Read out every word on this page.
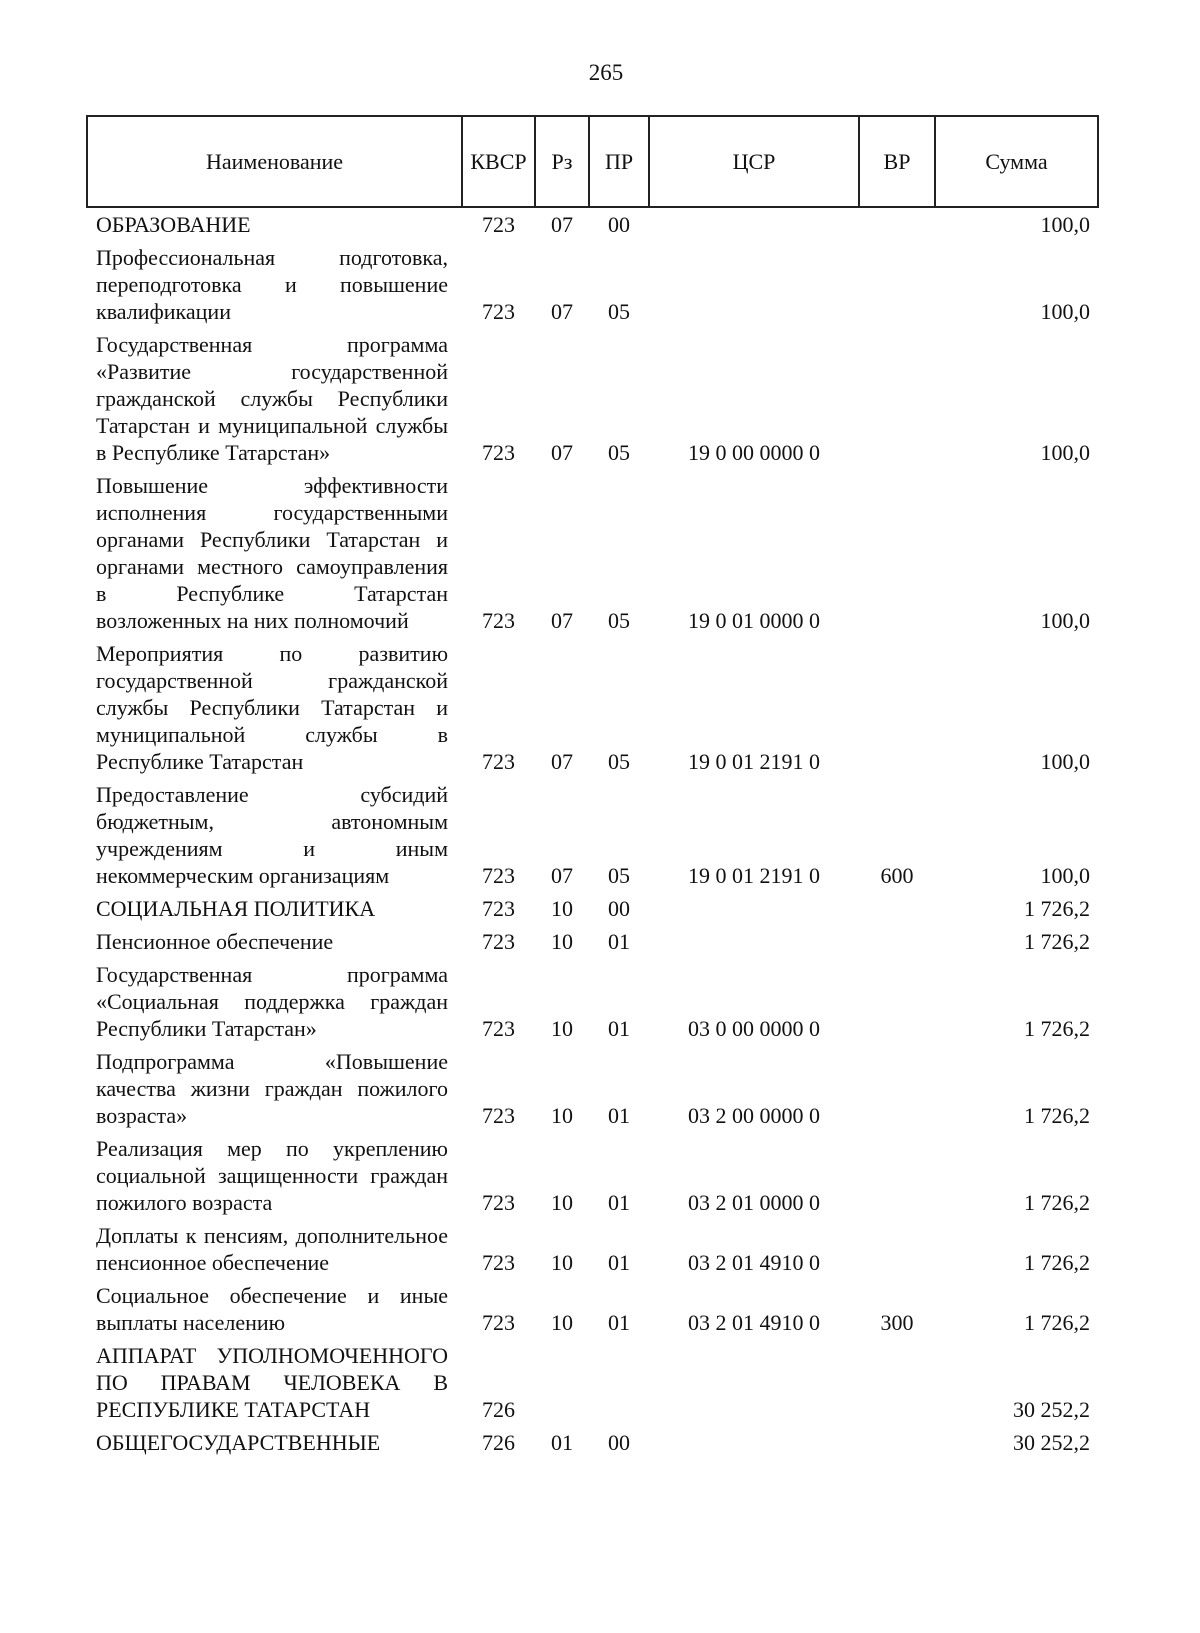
265
Наименование	КВСР	Рз	ПР	ЦСР	ВР	Сумма
ОБРАЗОВАНИЕ	723	07	00			100,0
Профессиональная подготовка, переподготовка и повышение квалификации	723	07	05			100,0
Государственная программа «Развитие государственной гражданской службы Республики Татарстан и муниципальной службы в Республике Татарстан»	723	07	05	19 0 00 0000 0		100,0
Повышение эффективности исполнения государственными органами Республики Татарстан и органами местного самоуправления в Республике Татарстан возложенных на них полномочий	723	07	05	19 0 01 0000 0		100,0
Мероприятия по развитию государственной гражданской службы Республики Татарстан и муниципальной службы в Республике Татарстан	723	07	05	19 0 01 2191 0		100,0
Предоставление субсидий бюджетным, автономным учреждениям и иным некоммерческим организациям	723	07	05	19 0 01 2191 0	600	100,0
СОЦИАЛЬНАЯ ПОЛИТИКА	723	10	00			1 726,2
Пенсионное обеспечение	723	10	01			1 726,2
Государственная программа «Социальная поддержка граждан Республики Татарстан»	723	10	01	03 0 00 0000 0		1 726,2
Подпрограмма «Повышение качества жизни граждан пожилого возраста»	723	10	01	03 2 00 0000 0		1 726,2
Реализация мер по укреплению социальной защищенности граждан пожилого возраста	723	10	01	03 2 01 0000 0		1 726,2
Доплаты к пенсиям, дополнительное пенсионное обеспечение	723	10	01	03 2 01 4910 0		1 726,2
Социальное обеспечение и иные выплаты населению	723	10	01	03 2 01 4910 0	300	1 726,2
АППАРАТ УПОЛНОМОЧЕННОГО ПО ПРАВАМ ЧЕЛОВЕКА В РЕСПУБЛИКЕ ТАТАРСТАН	726					30 252,2
ОБЩЕГОСУДАРСТВЕННЫЕ	726	01	00			30 252,2
